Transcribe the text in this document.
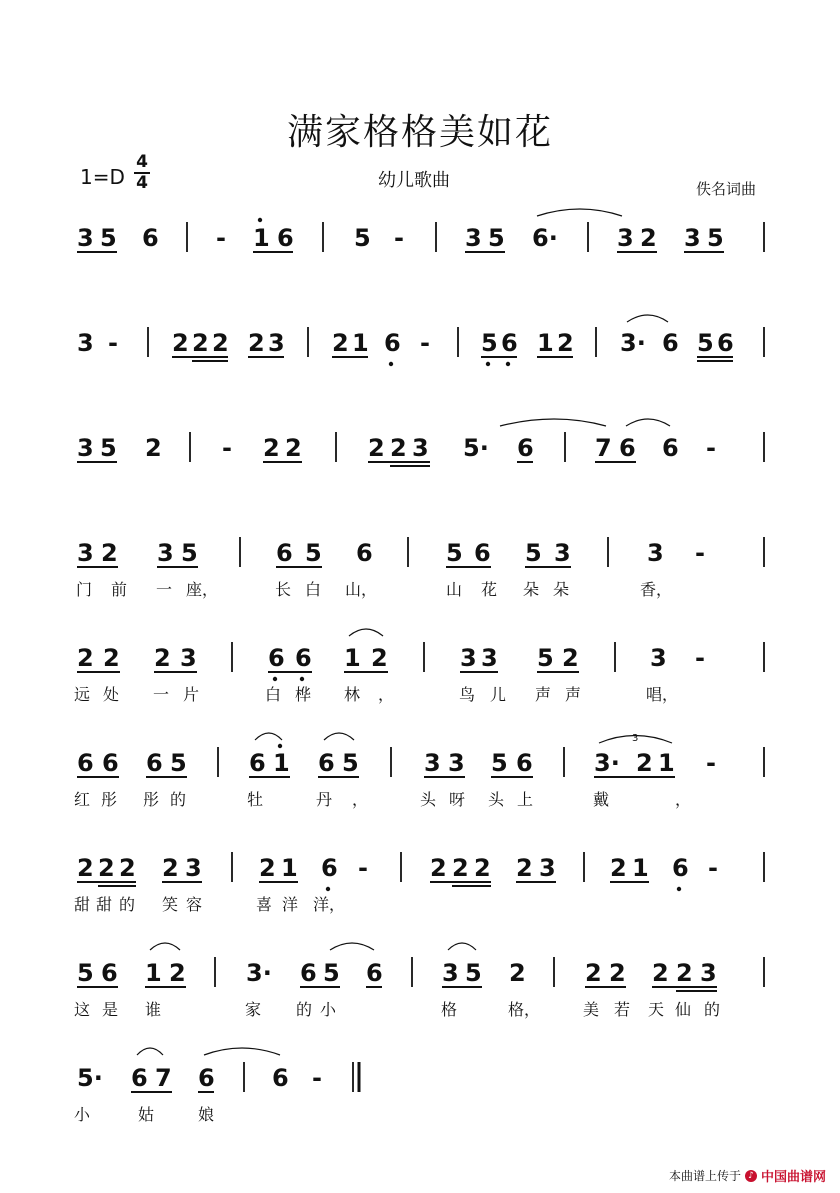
满家格格美如花
1=D
4
4	幼儿歌曲	佚名词曲
3 5 6 - 1 6	5 -	3 5 6· 3 2 3 5
3 - 2 2 2 2 3 2 1 6 - 5 6 1 2 3· 6 5 6
3 5 2	- 2 2	2 2 3 5· 6	7 6 6 -
3 2 3 5	6 5 6	5 6 5 3	3 -
门 前 一 座，	长 白 山，	山 花 朵 朵	香，
2 2 2 3	6 6 1 2	3 3 5 2	3 -
远 处 一 片	白 桦 林 ，	鸟 儿 声 声	唱，
6 6 6 5	6 1 6 5	3 3 5 6
3
3· 2 1 -
红 彤 彤 的	牡	丹 ，	头 呀 头 上	戴	，
2 2 2 2 3 2 1 6 -	2 2 2 2 3 2 1 6 -
甜 甜 的 笑 容	喜 洋 洋，
5 6 1 2	3· 6 5 6 3 5 2 2 2 2 2 3
这 是 谁	家 的 小	格	格，	美 若 天 仙 的
5· 6 7 6 6 -
小	姑	娘
本曲谱上传于 ♪ 中国曲谱网
